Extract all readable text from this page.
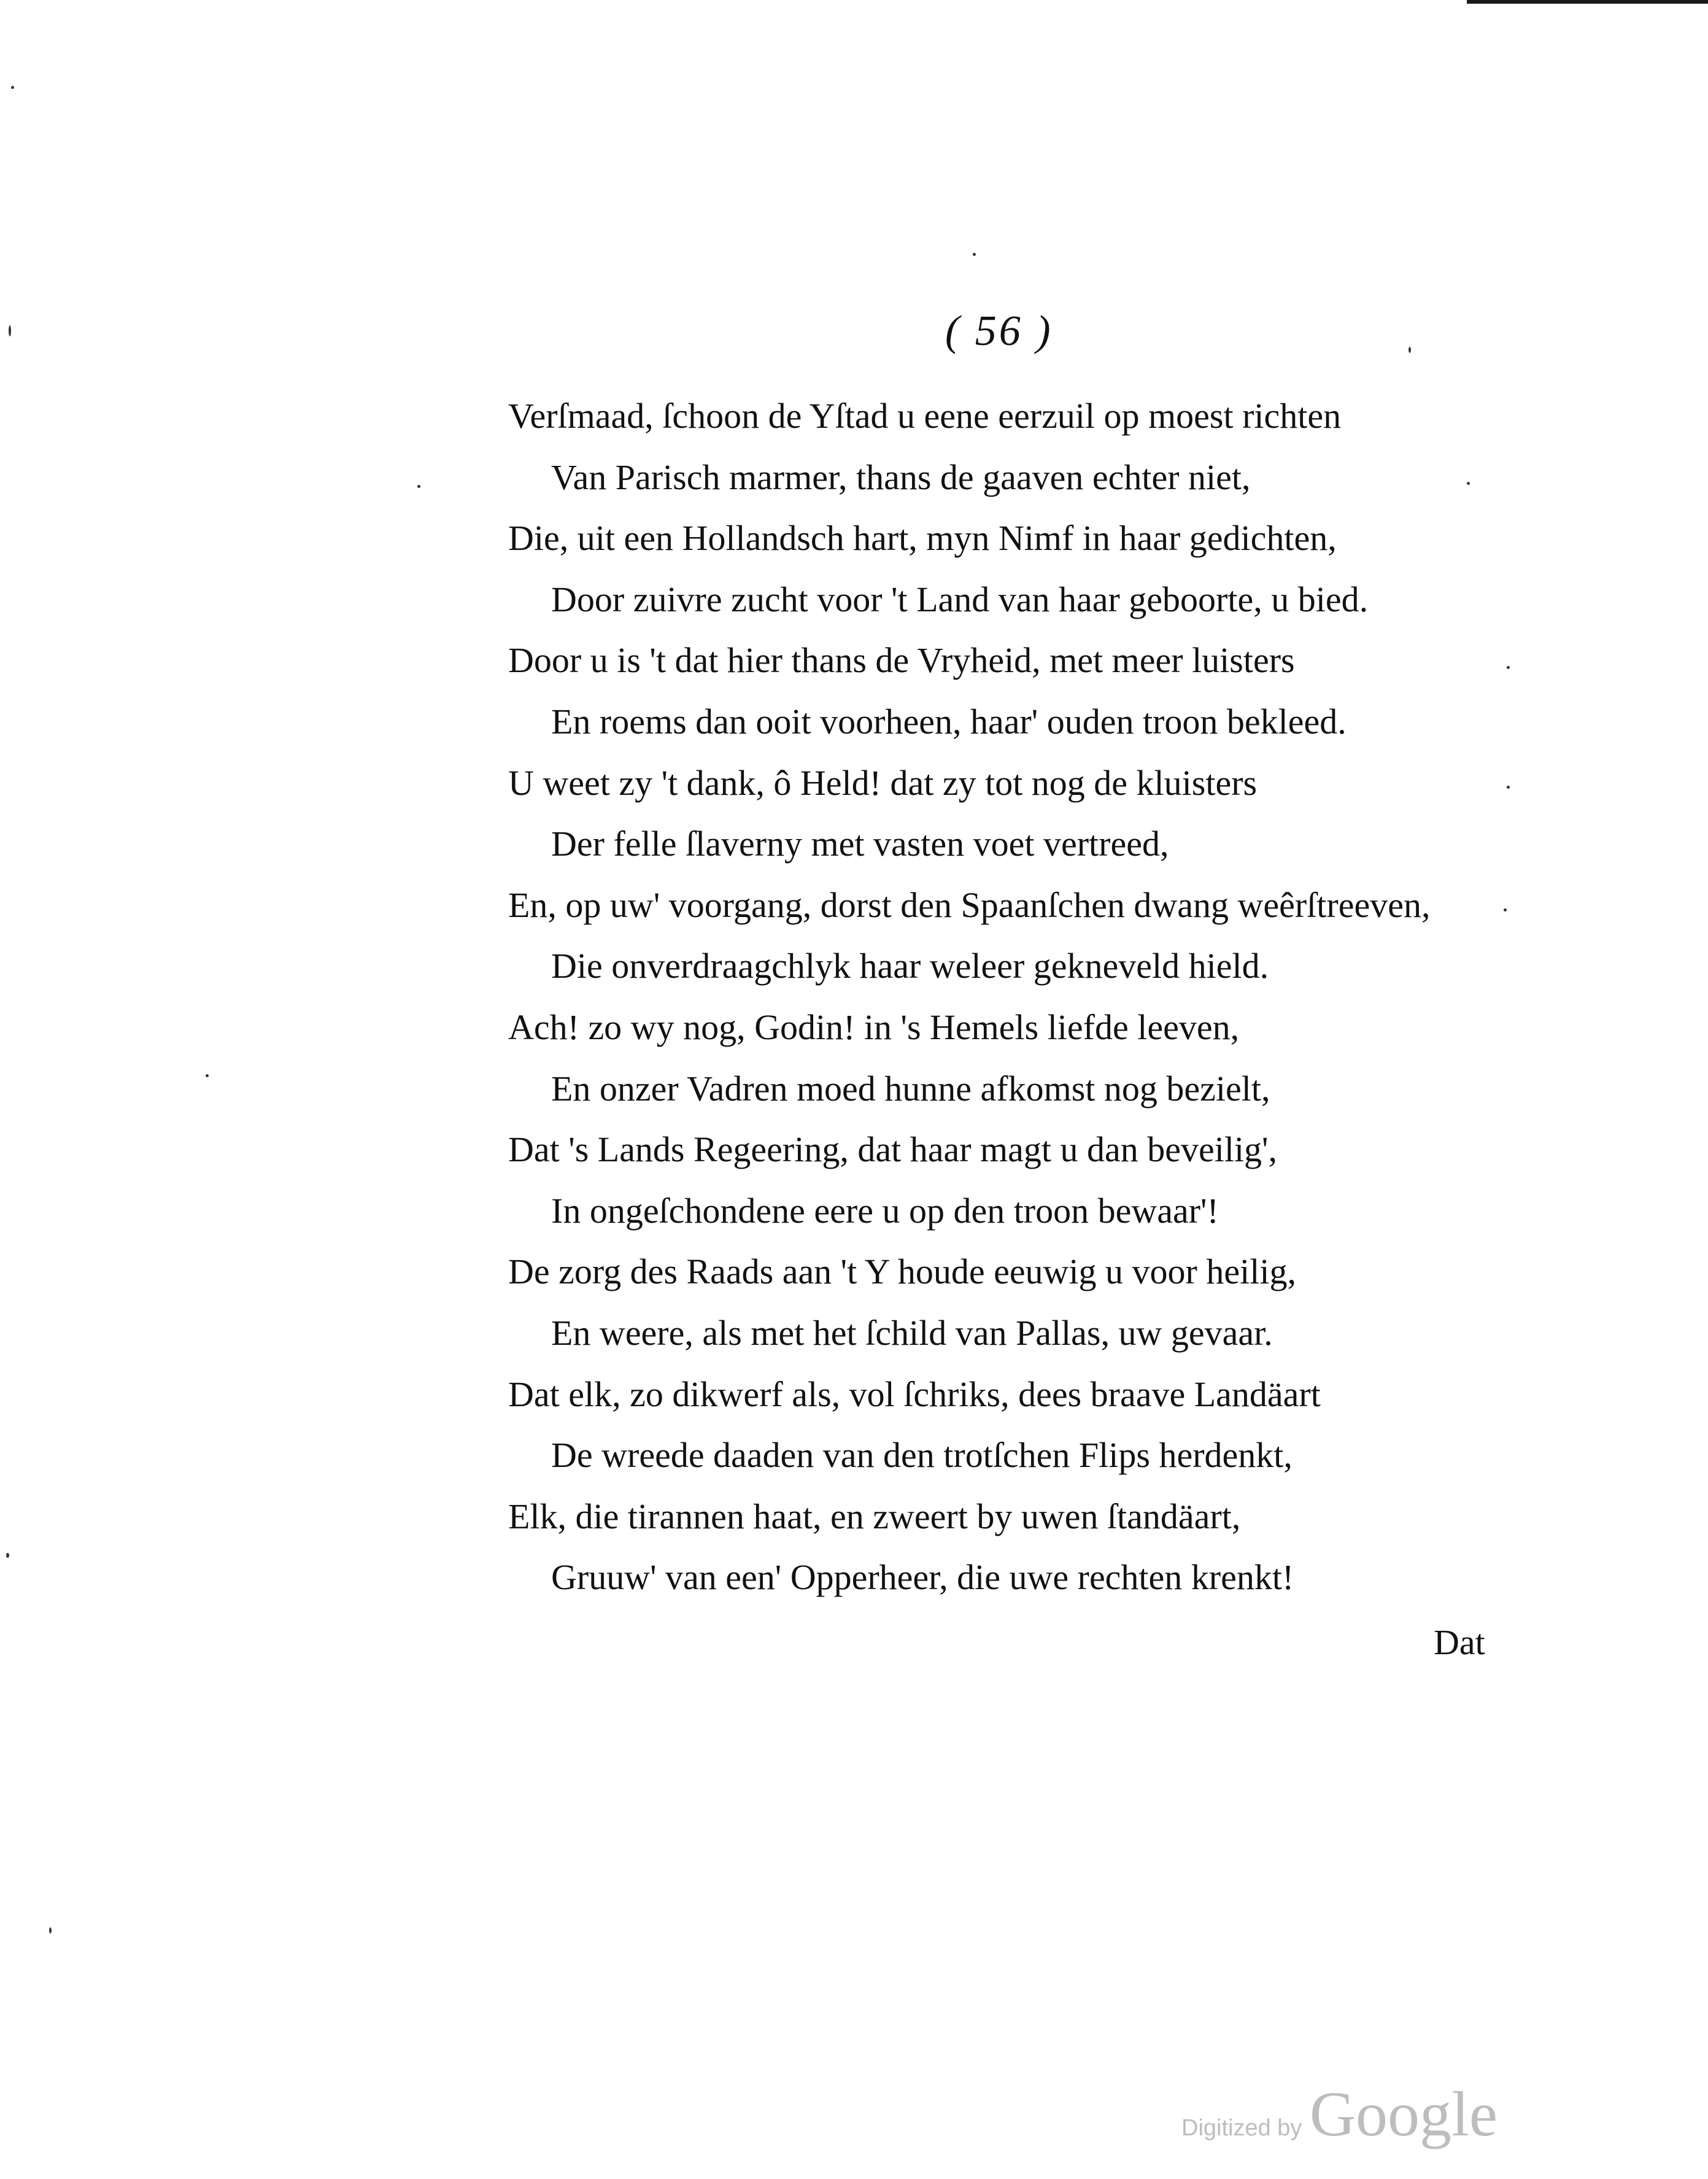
( 56 )
Verſmaad, ſchoon de Yſtad u eene eerzuil op moest richten
Van Parisch marmer, thans de gaaven echter niet,
Die, uit een Hollandsch hart, myn Nimf in haar gedichten,
Door zuivre zucht voor 't Land van haar geboorte, u bied.
Door u is 't dat hier thans de Vryheid, met meer luisters
En roems dan ooit voorheen, haar' ouden troon bekleed.
U weet zy 't dank, ô Held! dat zy tot nog de kluisters
Der felle ſlaverny met vasten voet vertreed,
En, op uw' voorgang, dorst den Spaanſchen dwang weêrſtreeven,
Die onverdraagchlyk haar weleer gekneveld hield.
Ach! zo wy nog, Godin! in 's Hemels liefde leeven,
En onzer Vadren moed hunne afkomst nog bezielt,
Dat 's Lands Regeering, dat haar magt u dan beveilig',
In ongeſchondene eere u op den troon bewaar'!
De zorg des Raads aan 't Y houde eeuwig u voor heilig,
En weere, als met het ſchild van Pallas, uw gevaar.
Dat elk, zo dikwerf als, vol ſchriks, dees braave Landäart
De wreede daaden van den trotſchen Flips herdenkt,
Elk, die tirannen haat, en zweert by uwen ſtandäart,
Gruuw' van een' Opperheer, die uwe rechten krenkt!
Dat
Digitized by Google
